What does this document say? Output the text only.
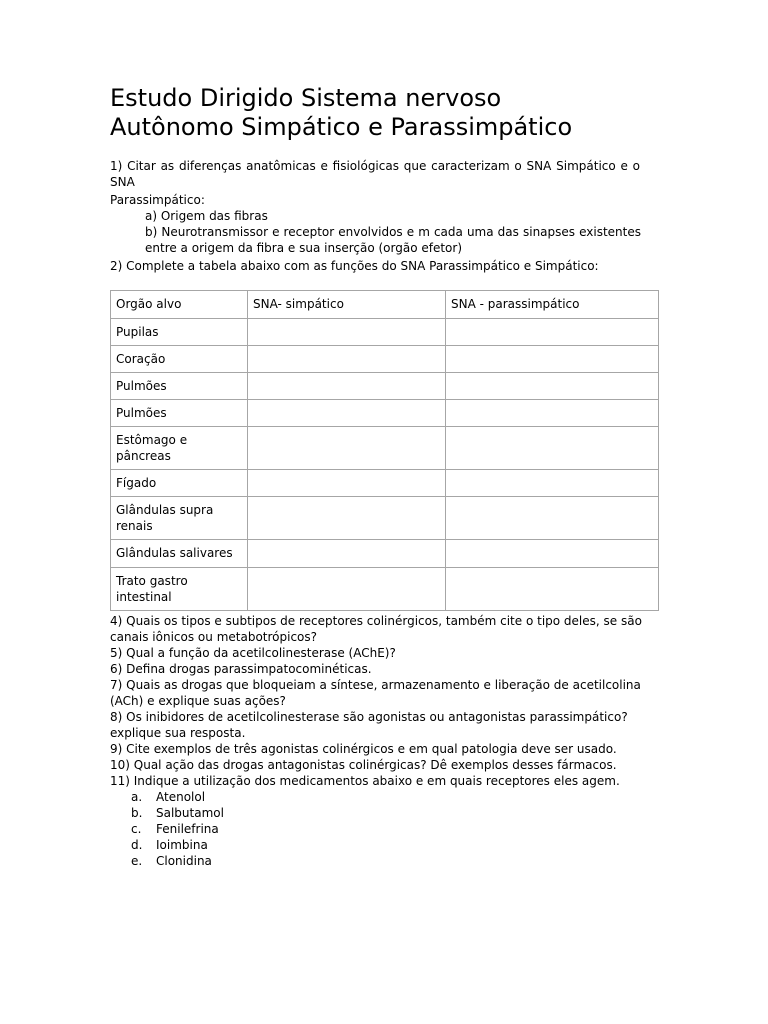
Estudo Dirigido Sistema nervoso
Autônomo Simpático e Parassimpático
1) Citar as diferenças anatômicas e fisiológicas que caracterizam o SNA Simpático e o SNA
Parassimpático:
a) Origem das fibras
b) Neurotransmissor e receptor envolvidos e m cada uma das sinapses existentes entre a origem da fibra e sua inserção (orgão efetor)
2) Complete a tabela abaixo com as funções do SNA Parassimpático e Simpático:
Orgão alvo	SNA- simpático	SNA - parassimpático
Pupilas		
Coração		
Pulmões		
Pulmões		
Estômago e pâncreas		
Fígado		
Glândulas supra renais		
Glândulas salivares		
Trato gastro intestinal		

4) Quais os tipos e subtipos de receptores colinérgicos, também cite o tipo deles, se são canais iônicos ou metabotrópicos?

5) Qual a função da acetilcolinesterase (AChE)?

6) Defina drogas parassimpatocominéticas.

7) Quais as drogas que bloqueiam a síntese, armazenamento e liberação de acetilcolina (ACh) e explique suas ações?

8) Os inibidores de acetilcolinesterase são agonistas ou antagonistas parassimpático? explique sua resposta.

9) Cite exemplos de três agonistas colinérgicos e em qual patologia deve ser usado.

10) Qual ação das drogas antagonistas colinérgicas? Dê exemplos desses fármacos.

11) Indique a utilização dos medicamentos abaixo e em quais receptores eles agem.

a. Atenolol
b. Salbutamol
c. Fenilefrina
d. Ioimbina
e. Clonidina
